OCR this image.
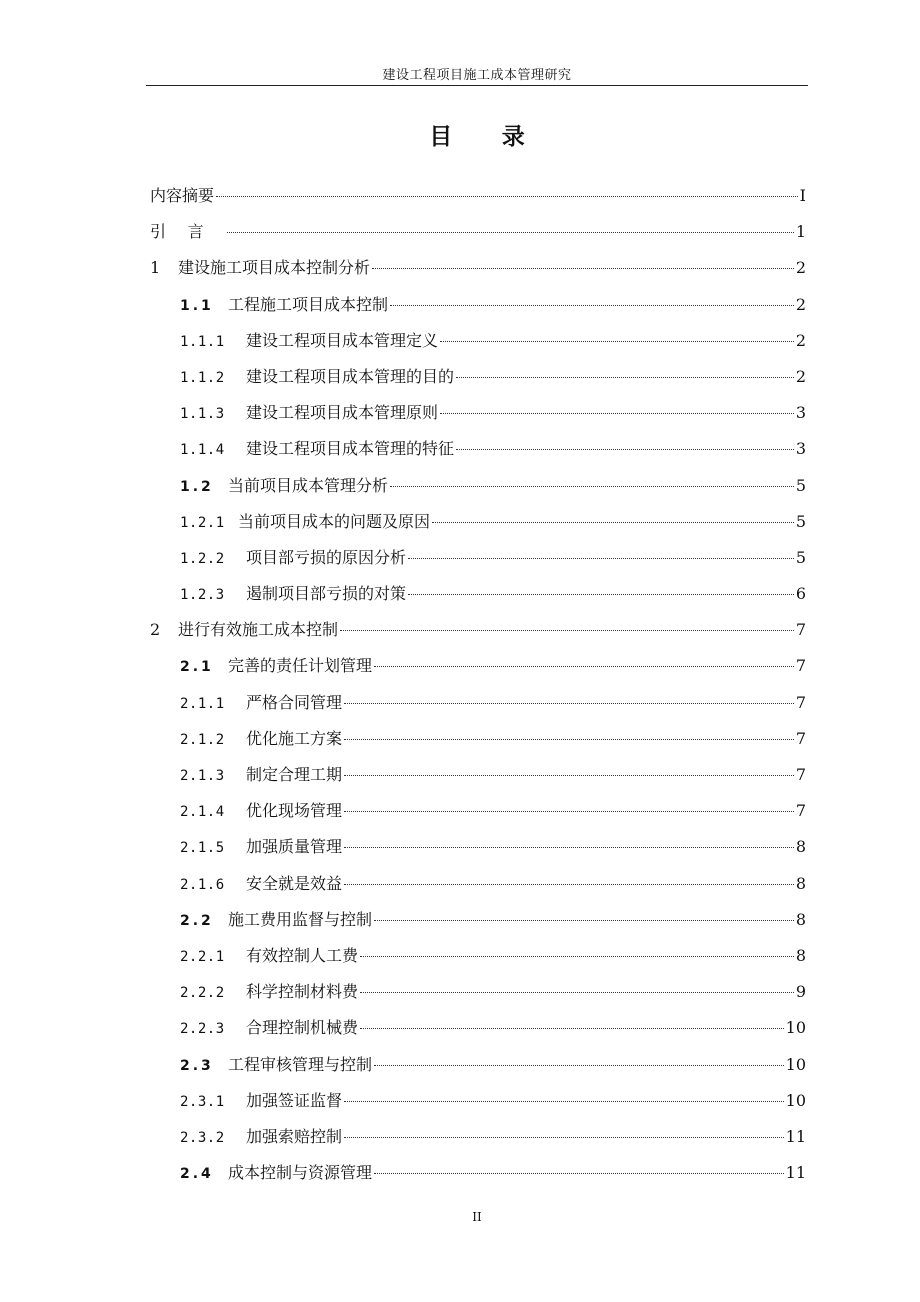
建设工程项目施工成本管理研究
目 录
内容摘要	I
引言	1
1	建设施工项目成本控制分析	2
1.1 工程施工项目成本控制	2
1.1.1	建设工程项目成本管理定义	2
1.1.2	建设工程项目成本管理的目的	2
1.1.3	建设工程项目成本管理原则	3
1.1.4	建设工程项目成本管理的特征	3
1.2 当前项目成本管理分析	5
1.2.1 当前项目成本的问题及原因	5
1.2.2	项目部亏损的原因分析	5
1.2.3	遏制项目部亏损的对策	6
2	进行有效施工成本控制	7
2.1 完善的责任计划管理	7
2.1.1	严格合同管理	7
2.1.2	优化施工方案	7
2.1.3	制定合理工期	7
2.1.4	优化现场管理	7
2.1.5	加强质量管理	8
2.1.6	安全就是效益	8
2.2 施工费用监督与控制	8
2.2.1	有效控制人工费	8
2.2.2	科学控制材料费	9
2.2.3	合理控制机械费	10
2.3 工程审核管理与控制	10
2.3.1	加强签证监督	10
2.3.2	加强索赔控制	11
2.4 成本控制与资源管理	11
II
